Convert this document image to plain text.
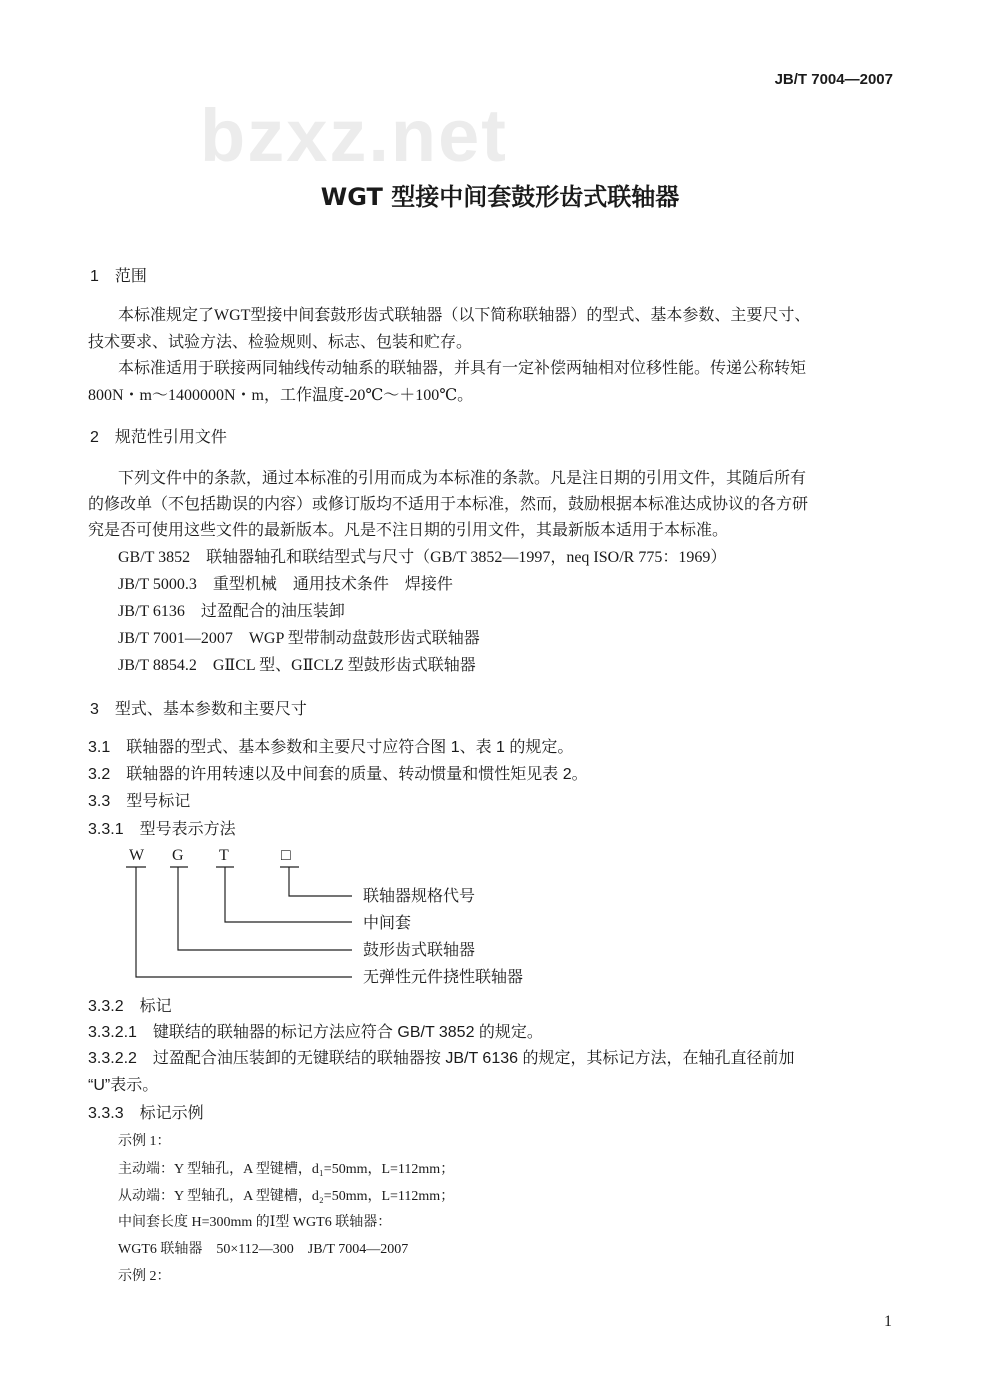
JB/T 7004—2007
bzxz.net
WGT 型接中间套鼓形齿式联轴器
1　范围
本标准规定了WGT型接中间套鼓形齿式联轴器（以下简称联轴器）的型式、基本参数、主要尺寸、
技术要求、试验方法、检验规则、标志、包装和贮存。
本标准适用于联接两同轴线传动轴系的联轴器，并具有一定补偿两轴相对位移性能。传递公称转矩
800N・m～1400000N・m，工作温度-20℃～＋100℃。
2　规范性引用文件
下列文件中的条款，通过本标准的引用而成为本标准的条款。凡是注日期的引用文件，其随后所有
的修改单（不包括勘误的内容）或修订版均不适用于本标准，然而，鼓励根据本标准达成协议的各方研
究是否可使用这些文件的最新版本。凡是不注日期的引用文件，其最新版本适用于本标准。
GB/T 3852　联轴器轴孔和联结型式与尺寸（GB/T 3852—1997，neq ISO/R 775：1969）
JB/T 5000.3　重型机械　通用技术条件　焊接件
JB/T 6136　过盈配合的油压装卸
JB/T 7001—2007　WGP 型带制动盘鼓形齿式联轴器
JB/T 8854.2　GⅡCL 型、GⅡCLZ 型鼓形齿式联轴器
3　型式、基本参数和主要尺寸
3.1　联轴器的型式、基本参数和主要尺寸应符合图 1、表 1 的规定。
3.2　联轴器的许用转速以及中间套的质量、转动惯量和惯性矩见表 2。
3.3　型号标记
3.3.1　型号表示方法
W G T	□
联轴器规格代号
中间套
鼓形齿式联轴器
无弹性元件挠性联轴器
3.3.2　标记
3.3.2.1　键联结的联轴器的标记方法应符合 GB/T 3852 的规定。
3.3.2.2　过盈配合油压装卸的无键联结的联轴器按 JB/T 6136 的规定，其标记方法，在轴孔直径前加
“U”表示。
3.3.3　标记示例
示例 1：
主动端：Y 型轴孔，A 型键槽，d₁=50mm，L=112mm；
从动端：Y 型轴孔，A 型键槽，d₂=50mm，L=112mm；
中间套长度 H=300mm 的Ⅰ型 WGT6 联轴器：
WGT6 联轴器　50×112—300　JB/T 7004—2007
示例 2：
1
